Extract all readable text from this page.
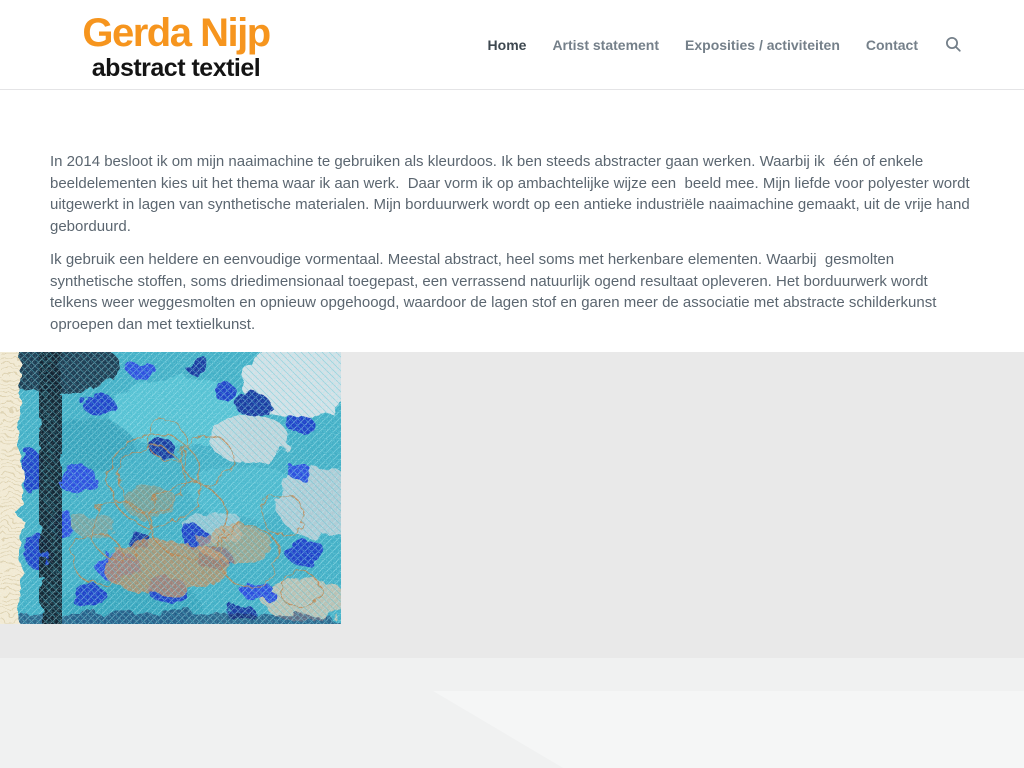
Gerda Nijp
abstract textiel
Home Artist statement Exposities / activiteiten Contact

In 2014 besloot ik om mijn naaimachine te gebruiken als kleurdoos. Ik ben steeds abstracter gaan werken. Waarbij ik  één of enkele beeldelementen kies uit het thema waar ik aan werk.  Daar vorm ik op ambachtelijke wijze een  beeld mee. Mijn liefde voor polyester wordt uitgewerkt in lagen van synthetische materialen. Mijn borduurwerk wordt op een antieke industriële naaimachine gemaakt, uit de vrije hand geborduurd.

Ik gebruik een heldere en eenvoudige vormentaal. Meestal abstract, heel soms met herkenbare elementen. Waarbij  gesmolten synthetische stoffen, soms driedimensionaal toegepast, een verrassend natuurlijk ogend resultaat opleveren. Het borduurwerk wordt telkens weer weggesmolten en opnieuw opgehoogd, waardoor de lagen stof en garen meer de associatie met abstracte schilderkunst oproepen dan met textielkunst.
